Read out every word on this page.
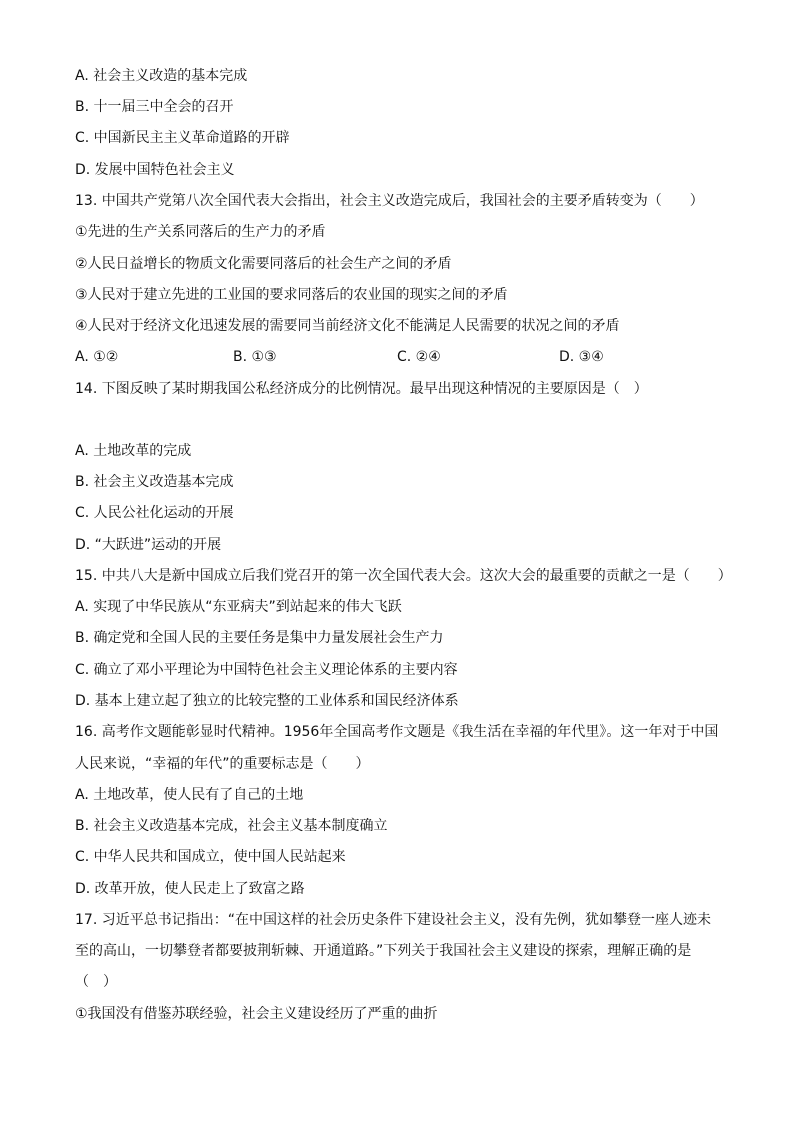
A. 社会主义改造的基本完成
B. 十一届三中全会的召开
C. 中国新民主主义革命道路的开辟
D. 发展中国特色社会主义
13. 中国共产党第八次全国代表大会指出，社会主义改造完成后，我国社会的主要矛盾转变为（　　）
①先进的生产关系同落后的生产力的矛盾
②人民日益增长的物质文化需要同落后的社会生产之间的矛盾
③人民对于建立先进的工业国的要求同落后的农业国的现实之间的矛盾
④人民对于经济文化迅速发展的需要同当前经济文化不能满足人民需要的状况之间的矛盾
A. ①②	B. ①③	C. ②④	D. ③④
14. 下图反映了某时期我国公私经济成分的比例情况。最早出现这种情况的主要原因是（　）
A. 土地改革的完成
B. 社会主义改造基本完成
C. 人民公社化运动的开展
D. “大跃进”运动的开展
15. 中共八大是新中国成立后我们党召开的第一次全国代表大会。这次大会的最重要的贡献之一是（　　）
A. 实现了中华民族从“东亚病夫”到站起来的伟大飞跃
B. 确定党和全国人民的主要任务是集中力量发展社会生产力
C. 确立了邓小平理论为中国特色社会主义理论体系的主要内容
D. 基本上建立起了独立的比较完整的工业体系和国民经济体系
16. 高考作文题能彰显时代精神。1956年全国高考作文题是《我生活在幸福的年代里》。这一年对于中国
人民来说，“幸福的年代”的重要标志是（　　）
A. 土地改革，使人民有了自己的土地
B. 社会主义改造基本完成，社会主义基本制度确立
C. 中华人民共和国成立，使中国人民站起来
D. 改革开放，使人民走上了致富之路
17. 习近平总书记指出：“在中国这样的社会历史条件下建设社会主义，没有先例，犹如攀登一座人迹未
至的高山，一切攀登者都要披荆斩棘、开通道路。”下列关于我国社会主义建设的探索，理解正确的是
（　）
①我国没有借鉴苏联经验，社会主义建设经历了严重的曲折
